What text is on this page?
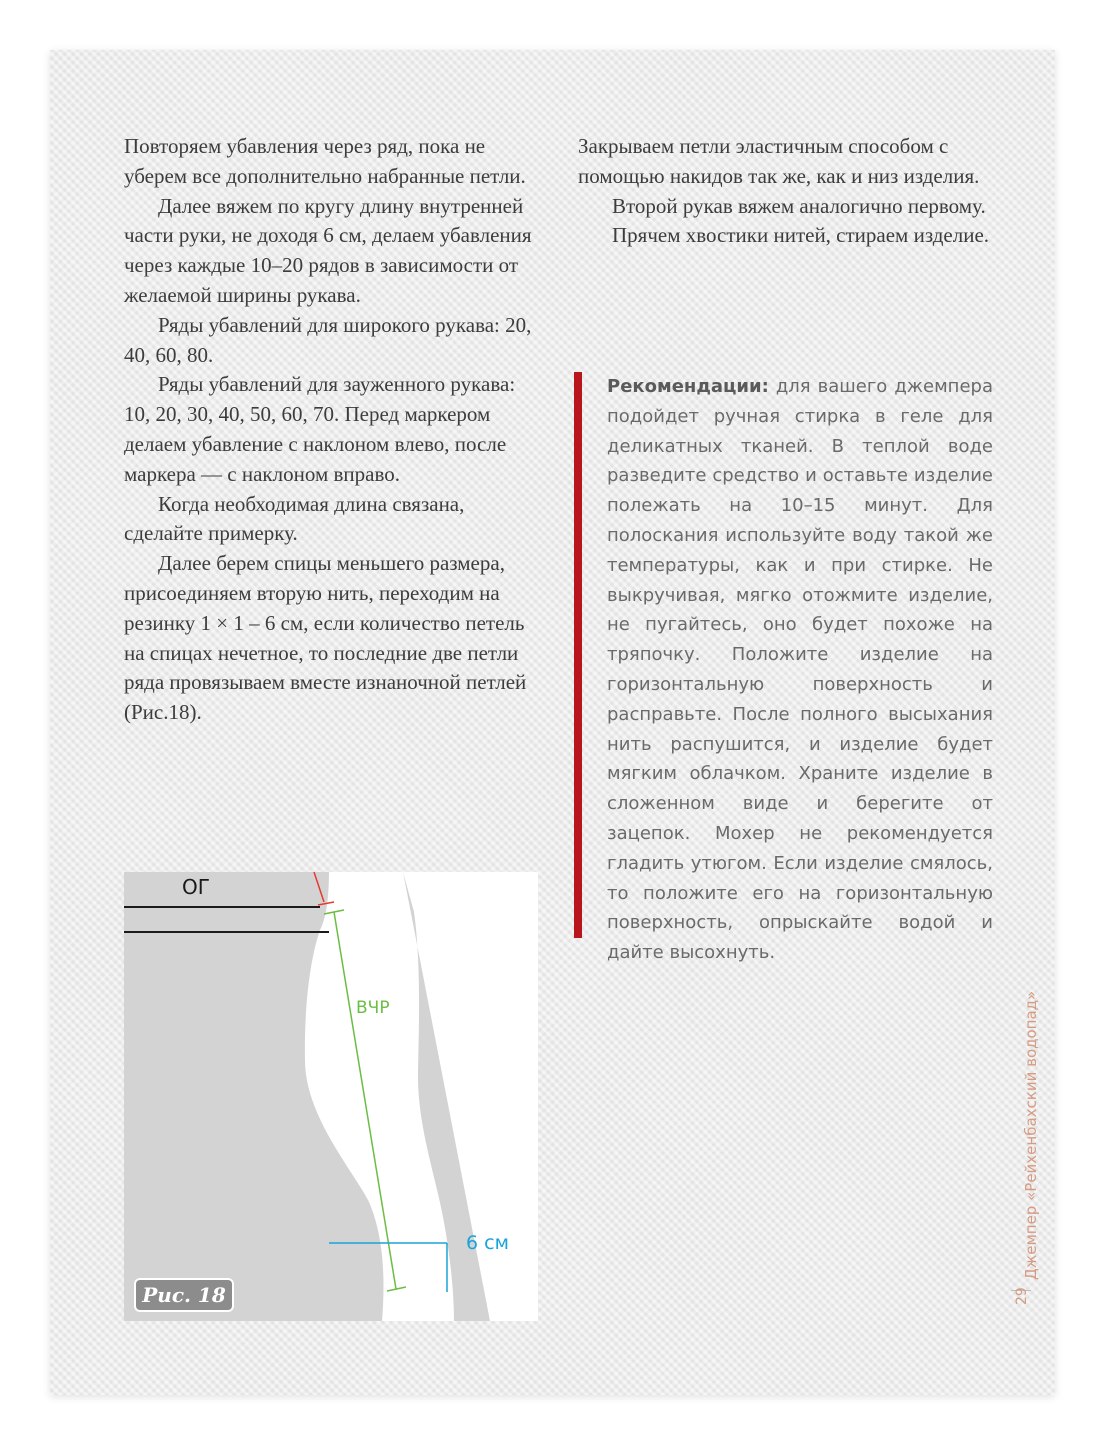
Повторяем убавления через ряд, пока не уберем все дополнительно набранные петли.

Далее вяжем по кругу длину внутренней части руки, не доходя 6 см, делаем убавления через каждые 10–20 рядов в зависимости от желаемой ширины рукава.

Ряды убавлений для широкого рукава: 20, 40, 60, 80.

Ряды убавлений для зауженного рукава: 10, 20, 30, 40, 50, 60, 70. Перед маркером делаем убавление с наклоном влево, после маркера — с наклоном вправо.

Когда необходимая длина связана, сделайте примерку.

Далее берем спицы меньшего размера, присоединяем вторую нить, переходим на резинку 1 × 1 – 6 см, если количество петель на спицах нечетное, то последние две петли ряда провязываем вместе изнаночной петлей (Рис.18).

Закрываем петли эластичным способом с помощью накидов так же, как и низ изделия.

Второй рукав вяжем аналогично первому.

Прячем хвостики нитей, стираем изделие.

Рекомендации: для вашего джемпера подойдет ручная стирка в геле для деликатных тканей. В теплой воде разведите средство и оставьте изделие полежать на 10–15 минут. Для полоскания используйте воду такой же температуры, как и при стирке. Не выкручивая, мягко отожмите изделие, не пугайтесь, оно будет похоже на тряпочку. Положите изделие на горизонтальную поверхность и расправьте. После полного высыхания нить распушится, и изделие будет мягким облачком. Храните изделие в сложенном виде и берегите от зацепок. Мохер не рекомендуется гладить утюгом. Если изделие смялось, то положите его на горизонтальную поверхность, опрыскайте водой и дайте высохнуть.
ОГ
ВЧР
6 см
Рис. 18
Джемпер «Рейхенбахский водопад»
29
